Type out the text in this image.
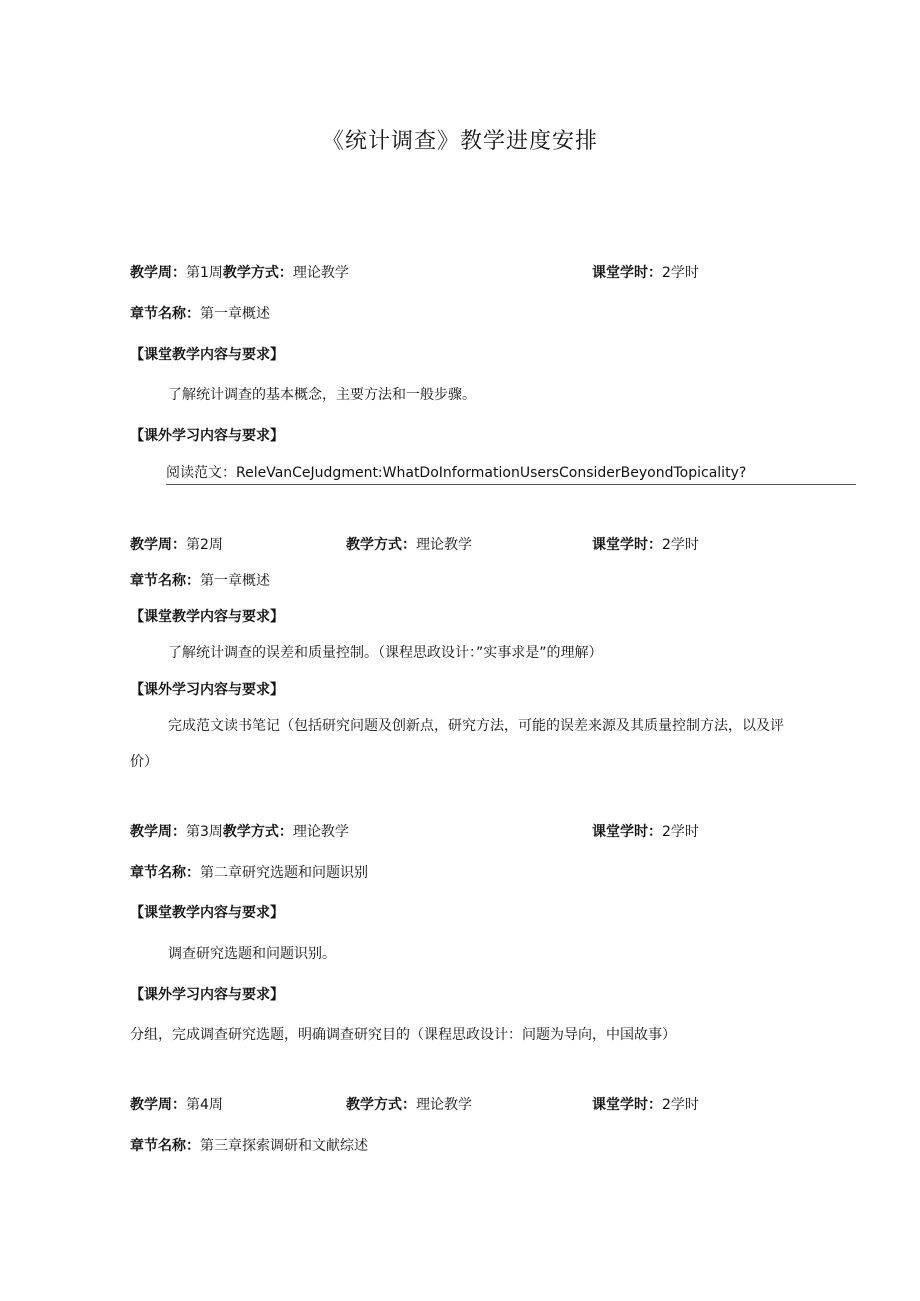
《统计调查》教学进度安排
教学周：第1周教学方式：理论教学	课堂学时：2学时
章节名称：第一章概述
【课堂教学内容与要求】
了解统计调查的基本概念，主要方法和一般步骤。
【课外学习内容与要求】
阅读范文：ReleVanCeJudgment:WhatDoInformationUsersConsiderBeyondTopicality?
教学周：第2周	教学方式：理论教学	课堂学时：2学时
章节名称：第一章概述
【课堂教学内容与要求】
了解统计调查的误差和质量控制。（课程思政设计：”实事求是”的理解）
【课外学习内容与要求】
完成范文读书笔记（包括研究问题及创新点，研究方法，可能的误差来源及其质量控制方法，以及评
价）
教学周：第3周教学方式：理论教学	课堂学时：2学时
章节名称：第二章研究选题和问题识别
【课堂教学内容与要求】
调查研究选题和问题识别。
【课外学习内容与要求】
分组，完成调查研究选题，明确调查研究目的（课程思政设计：问题为导向，中国故事）
教学周：第4周	教学方式：理论教学	课堂学时：2学时
章节名称：第三章探索调研和文献综述
